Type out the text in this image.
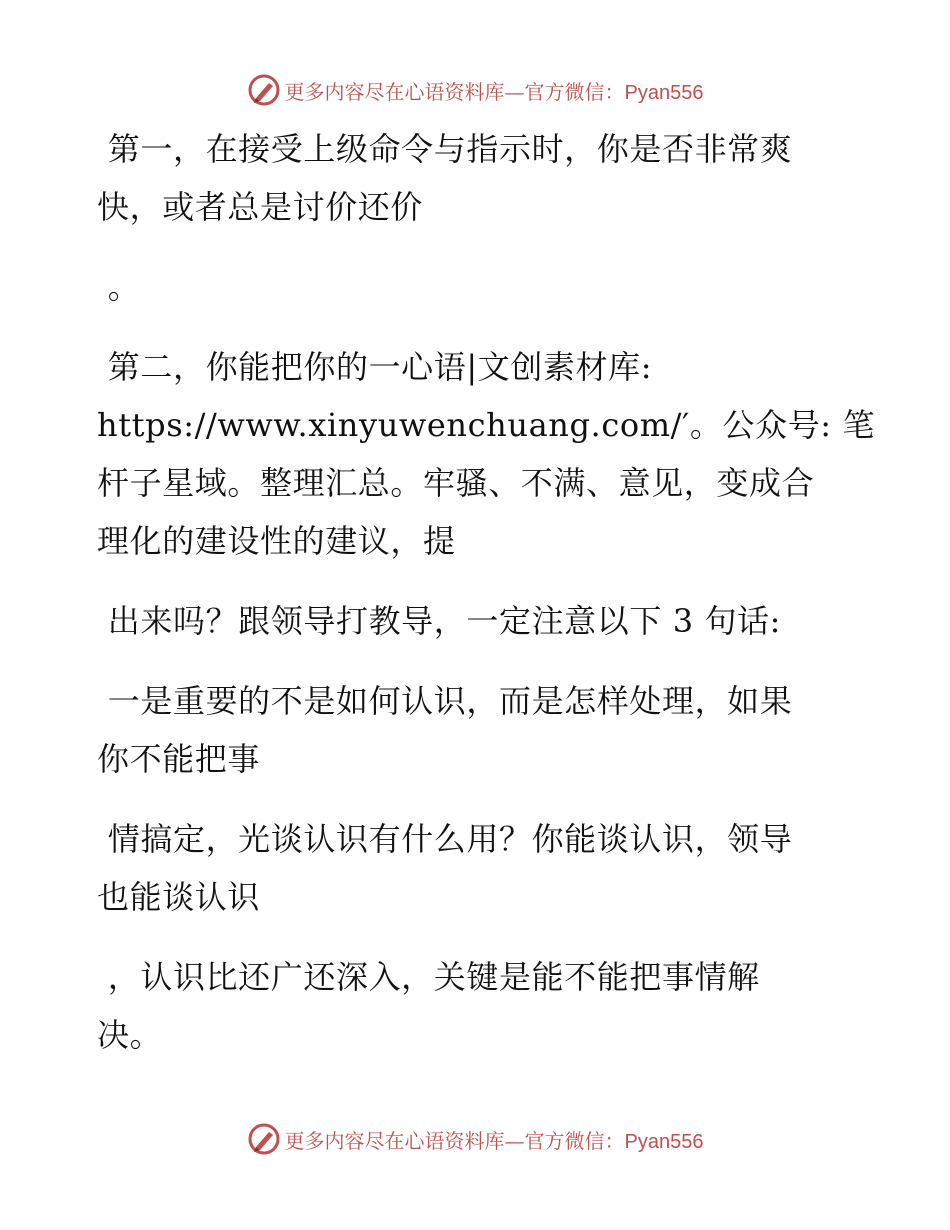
更多内容尽在心语资料库—官方微信：Pyan556

第一，在接受上级命令与指示时，你是否非常爽

快，或者总是讨价还价

。

第二，你能把你的一心语|文创素材库:

https://www.xinyuwenchuang.com/′。公众号: 笔

杆子星域。整理汇总。牢骚、不满、意见，变成合

理化的建设性的建议，提

出来吗？跟领导打教导，一定注意以下 3 句话:

一是重要的不是如何认识，而是怎样处理，如果

你不能把事

情搞定，光谈认识有什么用？你能谈认识，领导

也能谈认识

，认识比还广还深入，关键是能不能把事情解

决。

更多内容尽在心语资料库—官方微信：Pyan556
